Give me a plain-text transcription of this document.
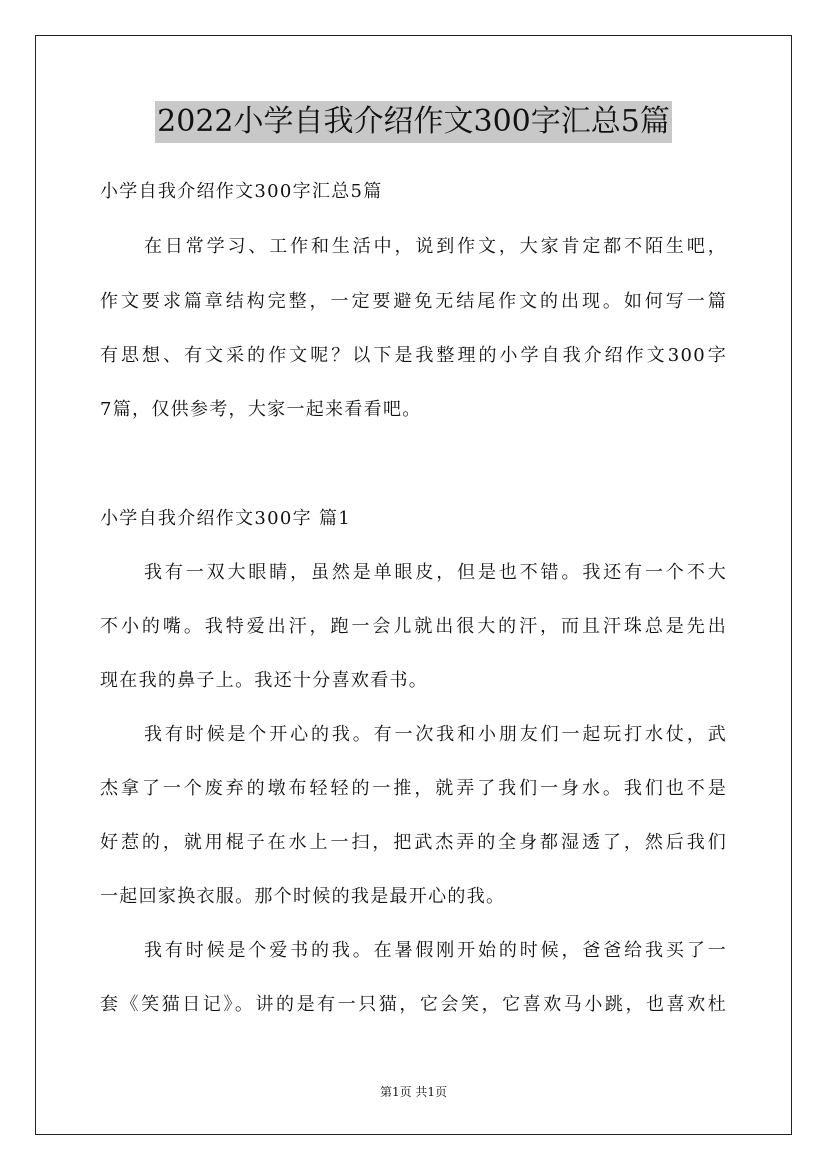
2022小学自我介绍作文300字汇总5篇
小学自我介绍作文300字汇总5篇
在日常学习、工作和生活中，说到作文，大家肯定都不陌生吧，
作文要求篇章结构完整，一定要避免无结尾作文的出现。如何写一篇
有思想、有文采的作文呢？以下是我整理的小学自我介绍作文300字
7篇，仅供参考，大家一起来看看吧。
小学自我介绍作文300字 篇1
我有一双大眼睛，虽然是单眼皮，但是也不错。我还有一个不大
不小的嘴。我特爱出汗，跑一会儿就出很大的汗，而且汗珠总是先出
现在我的鼻子上。我还十分喜欢看书。
我有时候是个开心的我。有一次我和小朋友们一起玩打水仗，武
杰拿了一个废弃的墩布轻轻的一推，就弄了我们一身水。我们也不是
好惹的，就用棍子在水上一扫，把武杰弄的全身都湿透了，然后我们
一起回家换衣服。那个时候的我是最开心的我。
我有时候是个爱书的我。在暑假刚开始的时候，爸爸给我买了一
套《笑猫日记》。讲的是有一只猫，它会笑，它喜欢马小跳，也喜欢杜
第1页 共1页
